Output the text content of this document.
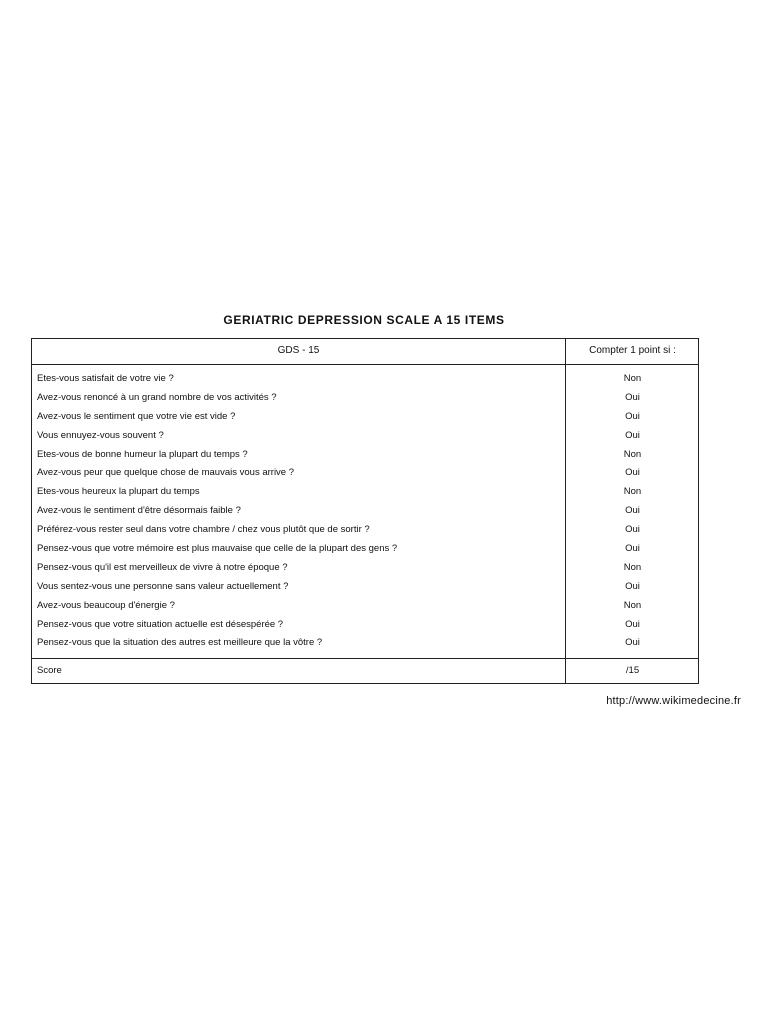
GERIATRIC DEPRESSION SCALE A 15 ITEMS
GDS - 15	Compter 1 point si :
Etes-vous satisfait de votre vie ?	Non
Avez-vous renoncé à un grand nombre de vos activités ?	Oui
Avez-vous le sentiment que votre vie est vide ?	Oui
Vous ennuyez-vous souvent ?	Oui
Etes-vous de bonne humeur la plupart du temps ?	Non
Avez-vous peur que quelque chose de mauvais vous arrive ?	Oui
Etes-vous heureux la plupart du temps	Non
Avez-vous le sentiment d'être désormais faible ?	Oui
Préférez-vous rester seul dans votre chambre / chez vous plutôt que de sortir ?	Oui
Pensez-vous que votre mémoire est plus mauvaise que celle de la plupart des gens ?	Oui
Pensez-vous qu'il est merveilleux de vivre à notre époque ?	Non
Vous sentez-vous une personne sans valeur actuellement ?	Oui
Avez-vous beaucoup d'énergie ?	Non
Pensez-vous que votre situation actuelle est désespérée ?	Oui
Pensez-vous que la situation des autres est meilleure que la vôtre ?	Oui
Score	/15
http://www.wikimedecine.fr
